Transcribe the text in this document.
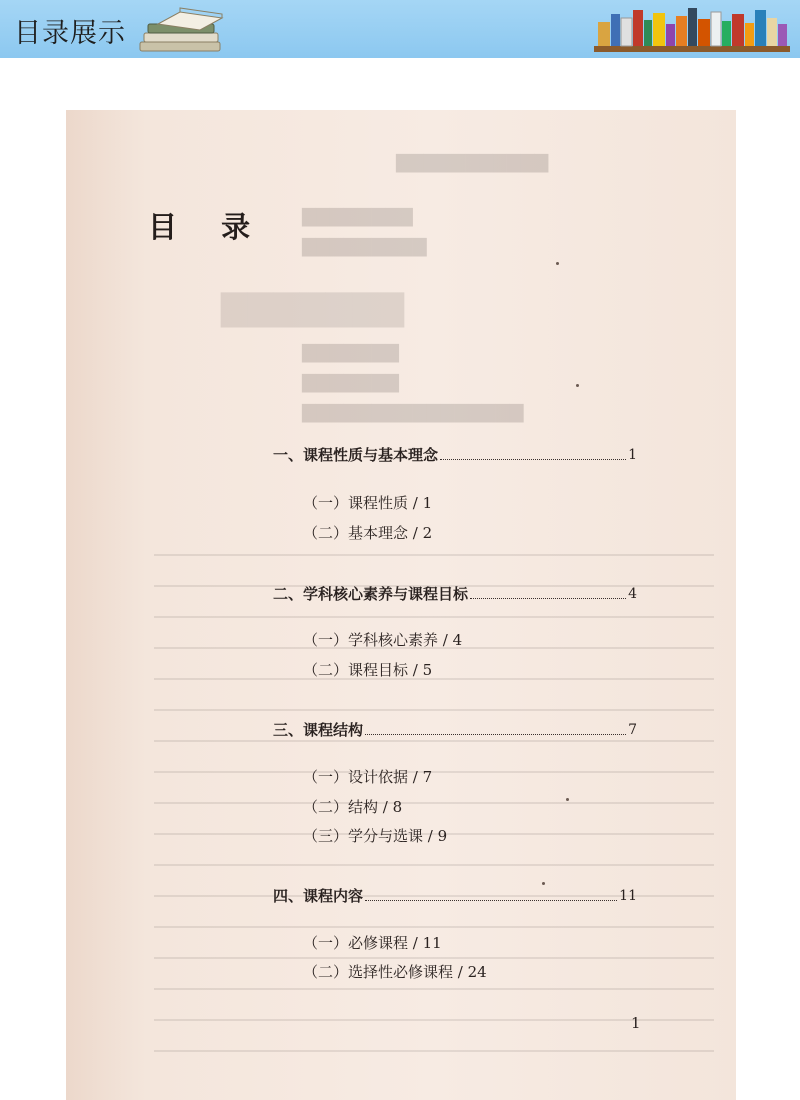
目录展示
▇▇▇▇▇▇▇
▇▇▇▇▇▇▇▇▇▇▇
▇▇▇▇▇▇▇▇
▇▇▇▇▇▇▇▇▇
▇▇▇▇▇▇▇
▇▇▇▇▇▇▇
▇▇▇▇▇▇▇▇▇▇▇▇▇▇▇▇
目 录
一、课程性质与基本理念	1
（一）课程性质 / 1
（二）基本理念 / 2
二、学科核心素养与课程目标	4
（一）学科核心素养 / 4
（二）课程目标 / 5
三、课程结构	7
（一）设计依据 / 7
（二）结构 / 8
（三）学分与选课 / 9
四、课程内容	11
（一）必修课程 / 11
（二）选择性必修课程 / 24
1
